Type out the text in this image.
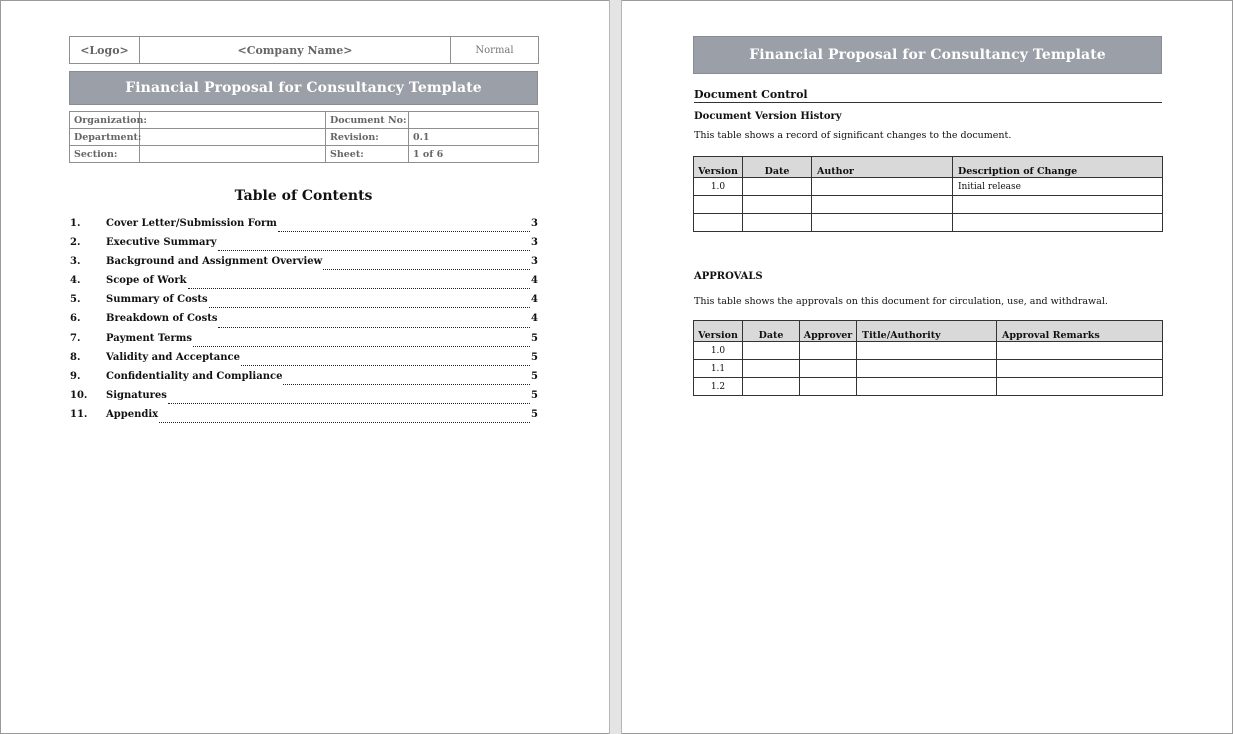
<Logo>	<Company Name>	Normal
Financial Proposal for Consultancy Template
Organization:		Document No:	
Department:		Revision:	0.1
Section:		Sheet:	1 of 6
Table of Contents
1.	Cover Letter/Submission Form	3
2.	Executive Summary	3
3.	Background and Assignment Overview	3
4.	Scope of Work	4
5.	Summary of Costs	4
6.	Breakdown of Costs	4
7.	Payment Terms	5
8.	Validity and Acceptance	5
9.	Confidentiality and Compliance	5
10.	Signatures	5
11.	Appendix	5
Financial Proposal for Consultancy Template
Document Control
Document Version History
This table shows a record of significant changes to the document.
Version	Date	Author	Description of Change
1.0			Initial release

APPROVALS
This table shows the approvals on this document for circulation, use, and withdrawal.
Version	Date	Approver	Title/Authority	Approval Remarks
1.0				
1.1				
1.2				
